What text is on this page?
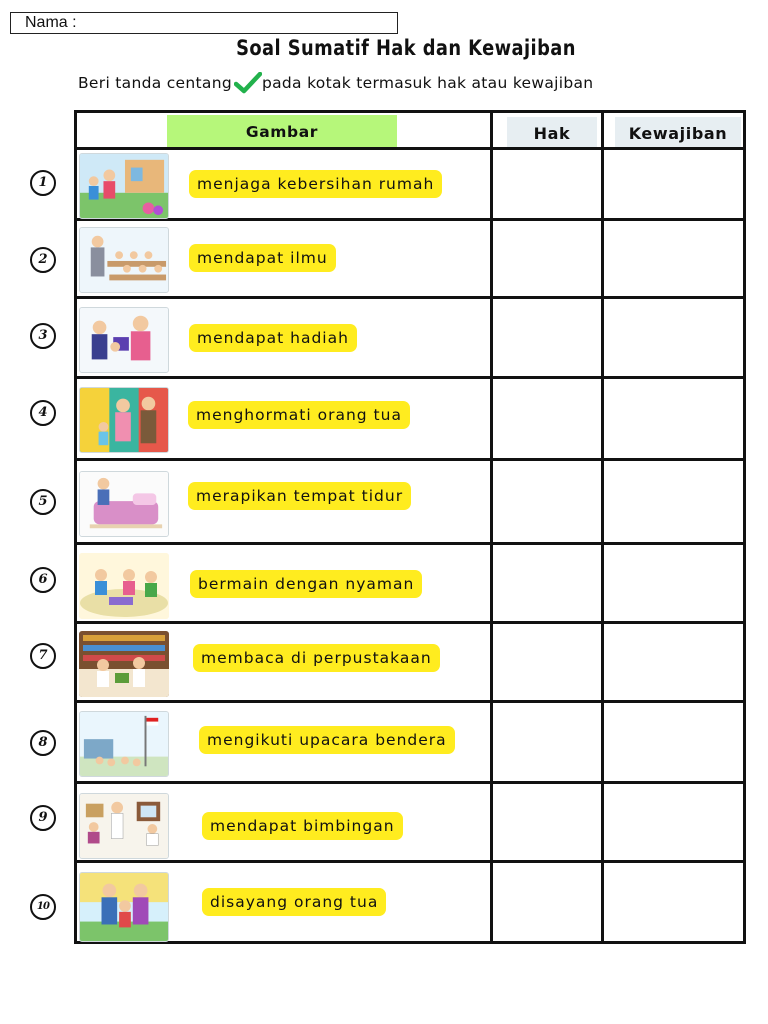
Nama :
Soal Sumatif Hak dan Kewajiban
Beri tanda centang pada kotak termasuk hak atau kewajiban
Gambar	Hak	Kewajiban
menjaga kebersihan rumah
mendapat ilmu
mendapat hadiah
menghormati orang tua
merapikan tempat tidur
bermain dengan nyaman
membaca di perpustakaan
mengikuti upacara bendera
mendapat bimbingan
disayang orang tua
1
2
3
4
5
6
7
8
9
10
